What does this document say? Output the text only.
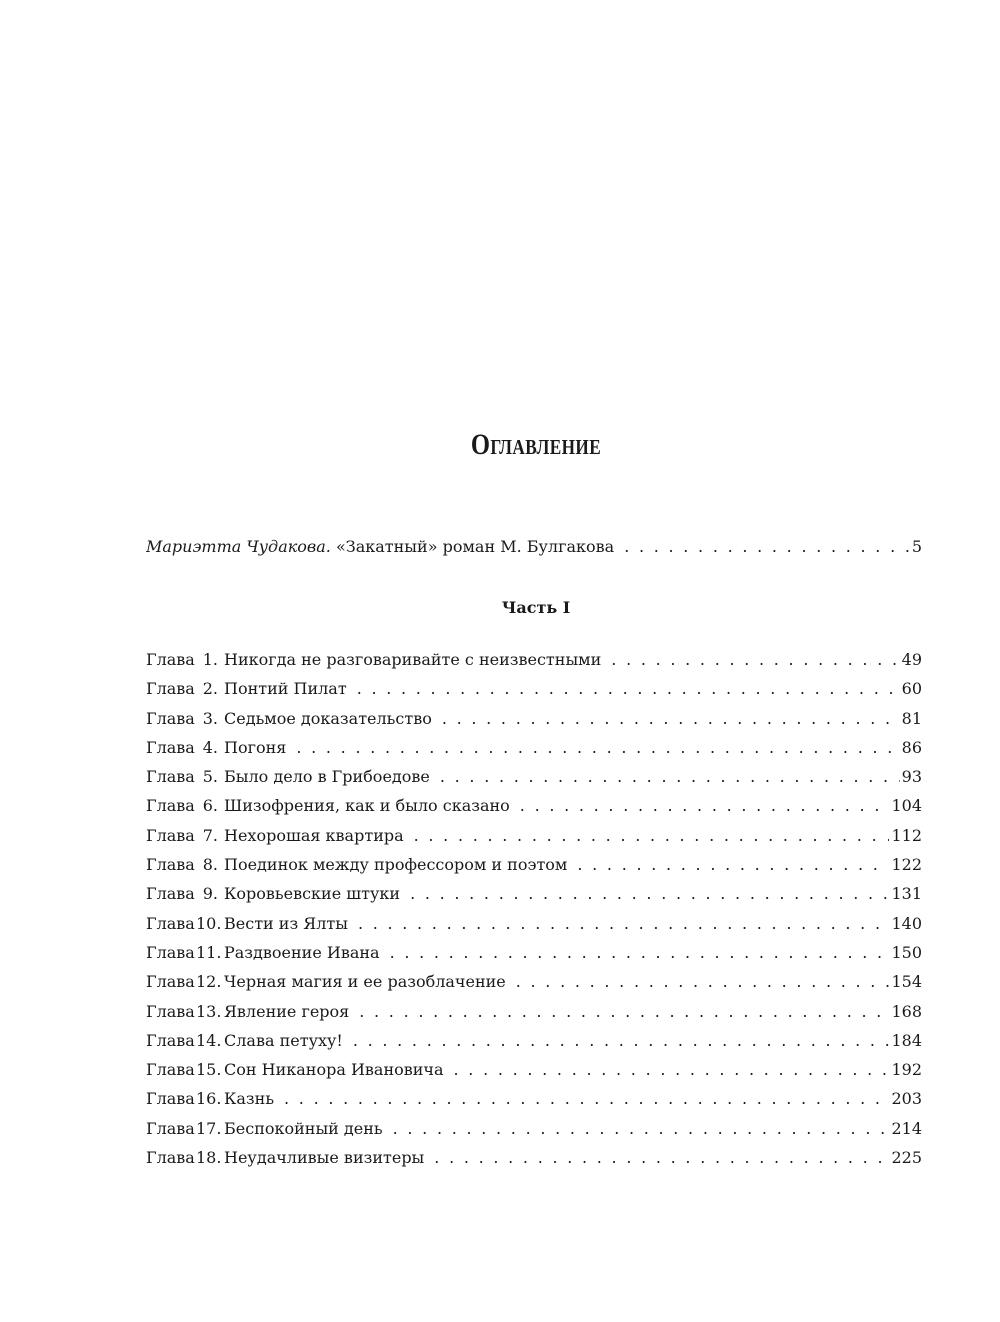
Оглавление
Мариэтта Чудакова. «Закатный» роман М. Булгакова . . .	5
Часть I
Глава 1. Никогда не разговаривайте с неизвестными . . .	49
Глава 2. Понтий Пилат . . .	60
Глава 3. Седьмое доказательство . . .	81
Глава 4. Погоня . . .	86
Глава 5. Было дело в Грибоедове . . .	93
Глава 6. Шизофрения, как и было сказано . . .	104
Глава 7. Нехорошая квартира . . .	112
Глава 8. Поединок между профессором и поэтом . . .	122
Глава 9. Коровьевские штуки . . .	131
Глава10. Вести из Ялты . . .	140
Глава11. Раздвоение Ивана . . .	150
Глава12. Черная магия и ее разоблачение . . .	154
Глава13. Явление героя . . .	168
Глава14. Слава петуху! . . .	184
Глава15. Сон Никанора Ивановича . . .	192
Глава16. Казнь . . .	203
Глава17. Беспокойный день . . .	214
Глава18. Неудачливые визитеры . . .	225
